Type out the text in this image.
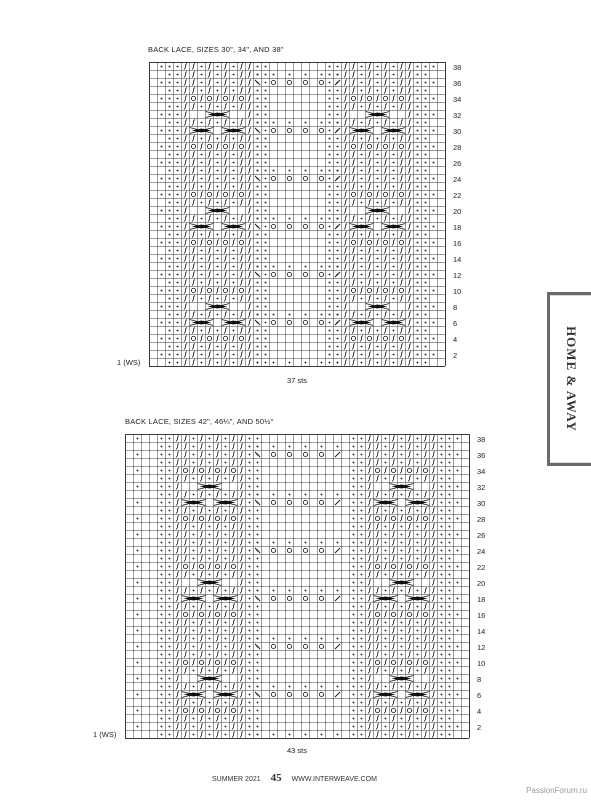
BACK LACE, SIZES 30", 34", AND 38"
38
36
34
32
30
28
26
24
22
20
18
16
14
12
10
8
6
4
2
1 (WS)
37 sts
BACK LACE, SIZES 42", 46¼", AND 50½"
38
36
34
32
30
28
26
24
22
20
18
16
14
12
10
8
6
4
2
1 (WS)
43 sts
HOME & AWAY
SUMMER 2021 45 WWW.INTERWEAVE.COM
PassionForum.ru
